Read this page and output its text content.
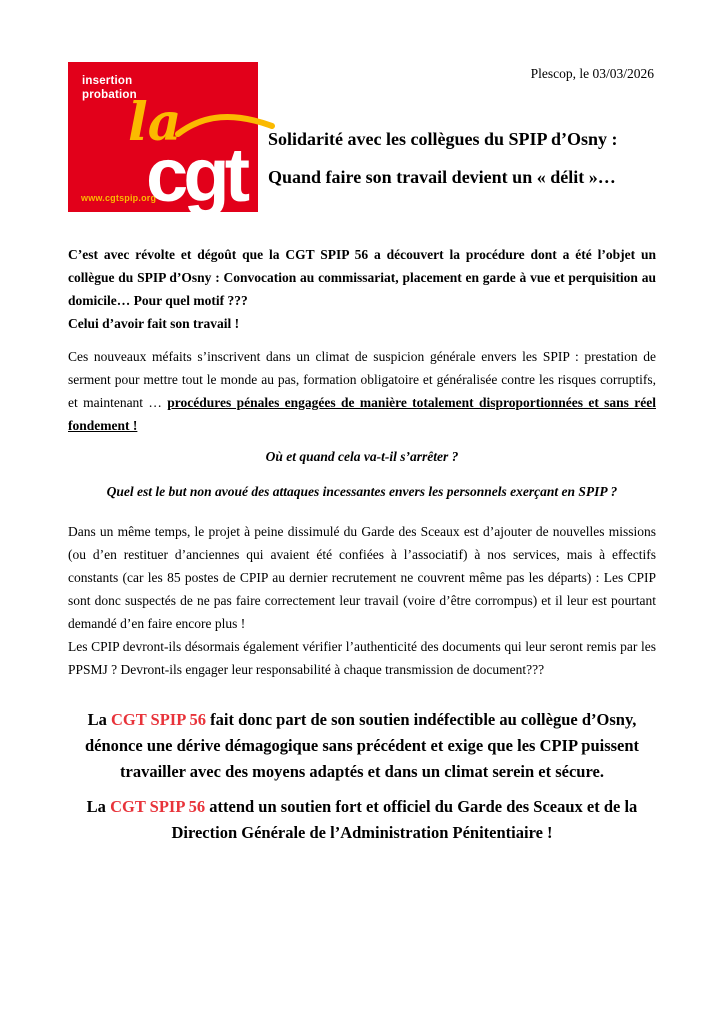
insertion
probation
la
cgt
www.cgtspip.org
Plescop, le 03/03/2026
Solidarité avec les collègues du SPIP d’Osny :
Quand faire son travail devient un « délit »…

C’est avec révolte et dégoût que la CGT SPIP 56 a découvert la procédure dont a été l’objet un collègue du SPIP d’Osny : Convocation au commissariat, placement en garde à vue et perquisition au domicile… Pour quel motif ???
Celui d’avoir fait son travail !

Ces nouveaux méfaits s’inscrivent dans un climat de suspicion générale envers les SPIP : prestation de serment pour mettre tout le monde au pas, formation obligatoire et généralisée contre les risques corruptifs, et maintenant … procédures pénales engagées de manière totalement disproportionnées et sans réel fondement !

Où et quand cela va-t-il s’arrêter ?

Quel est le but non avoué des attaques incessantes envers les personnels exerçant en SPIP ?

Dans un même temps, le projet à peine dissimulé du Garde des Sceaux est d’ajouter de nouvelles missions (ou d’en restituer d’anciennes qui avaient été confiées à l’associatif) à nos services, mais à effectifs constants (car les 85 postes de CPIP au dernier recrutement ne couvrent même pas les départs) : Les CPIP sont donc suspectés de ne pas faire correctement leur travail (voire d’être corrompus) et il leur est pourtant demandé d’en faire encore plus !
Les CPIP devront-ils désormais également vérifier l’authenticité des documents qui leur seront remis par les PPSMJ ? Devront-ils engager leur responsabilité à chaque transmission de document???

La CGT SPIP 56 fait donc part de son soutien indéfectible au collègue d’Osny, dénonce une dérive démagogique sans précédent et exige que les CPIP puissent travailler avec des moyens adaptés et dans un climat serein et sécure.

La CGT SPIP 56 attend un soutien fort et officiel du Garde des Sceaux et de la Direction Générale de l’Administration Pénitentiaire !
